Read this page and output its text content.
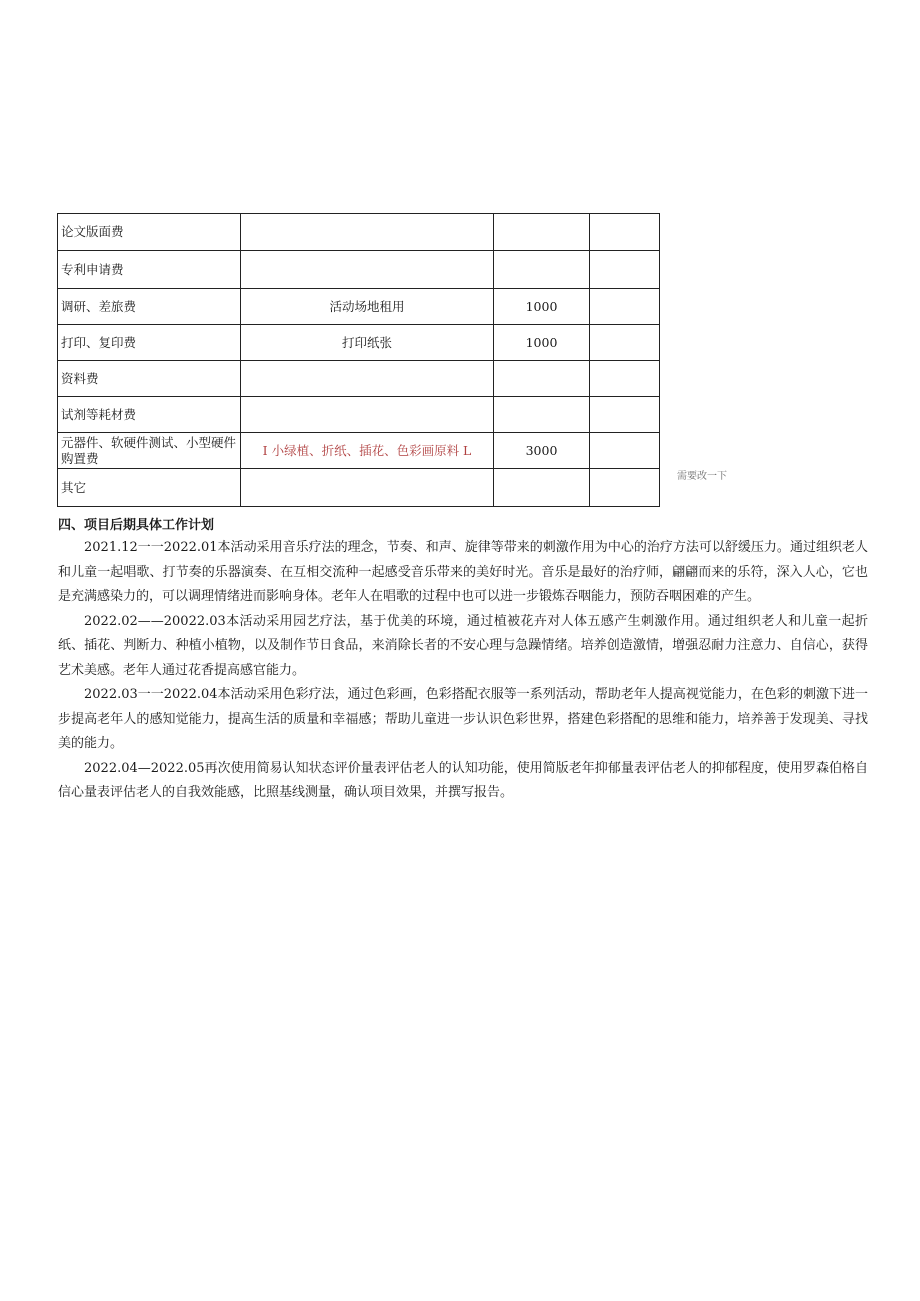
论文版面费			
专利申请费			
调研、差旅费	活动场地租用	1000	
打印、复印费	打印纸张	1000	
资料费			
试剂等耗材费			
元器件、软硬件测试、小型硬件购置费	I 小绿植、折纸、插花、色彩画原料 L	3000	
其它			
需要改一下
四、项目后期具体工作计划

2021.12一一2022.01本活动采用音乐疗法的理念，节奏、和声、旋律等带来的刺激作用为中心的治疗方法可以舒缓压力。通过组织老人和儿童一起唱歌、打节奏的乐器演奏、在互相交流种一起感受音乐带来的美好时光。音乐是最好的治疗师，翩翩而来的乐符，深入人心，它也是充满感染力的，可以调理情绪进而影响身体。老年人在唱歌的过程中也可以进一步锻炼吞咽能力，预防吞咽困难的产生。

2022.02——20022.03本活动采用园艺疗法，基于优美的环境，通过植被花卉对人体五感产生刺激作用。通过组织老人和儿童一起折纸、插花、判断力、种植小植物，以及制作节日食品，来消除长者的不安心理与急躁情绪。培养创造激情，增强忍耐力注意力、自信心，获得艺术美感。老年人通过花香提高感官能力。

2022.03一一2022.04本活动采用色彩疗法，通过色彩画，色彩搭配衣服等一系列活动，帮助老年人提高视觉能力，在色彩的刺激下进一步提高老年人的感知觉能力，提高生活的质量和幸福感；帮助儿童进一步认识色彩世界，搭建色彩搭配的思维和能力，培养善于发现美、寻找美的能力。

2022.04—2022.05再次使用简易认知状态评价量表评估老人的认知功能，使用简版老年抑郁量表评估老人的抑郁程度，使用罗森伯格自信心量表评估老人的自我效能感，比照基线测量，确认项目效果，并撰写报告。
